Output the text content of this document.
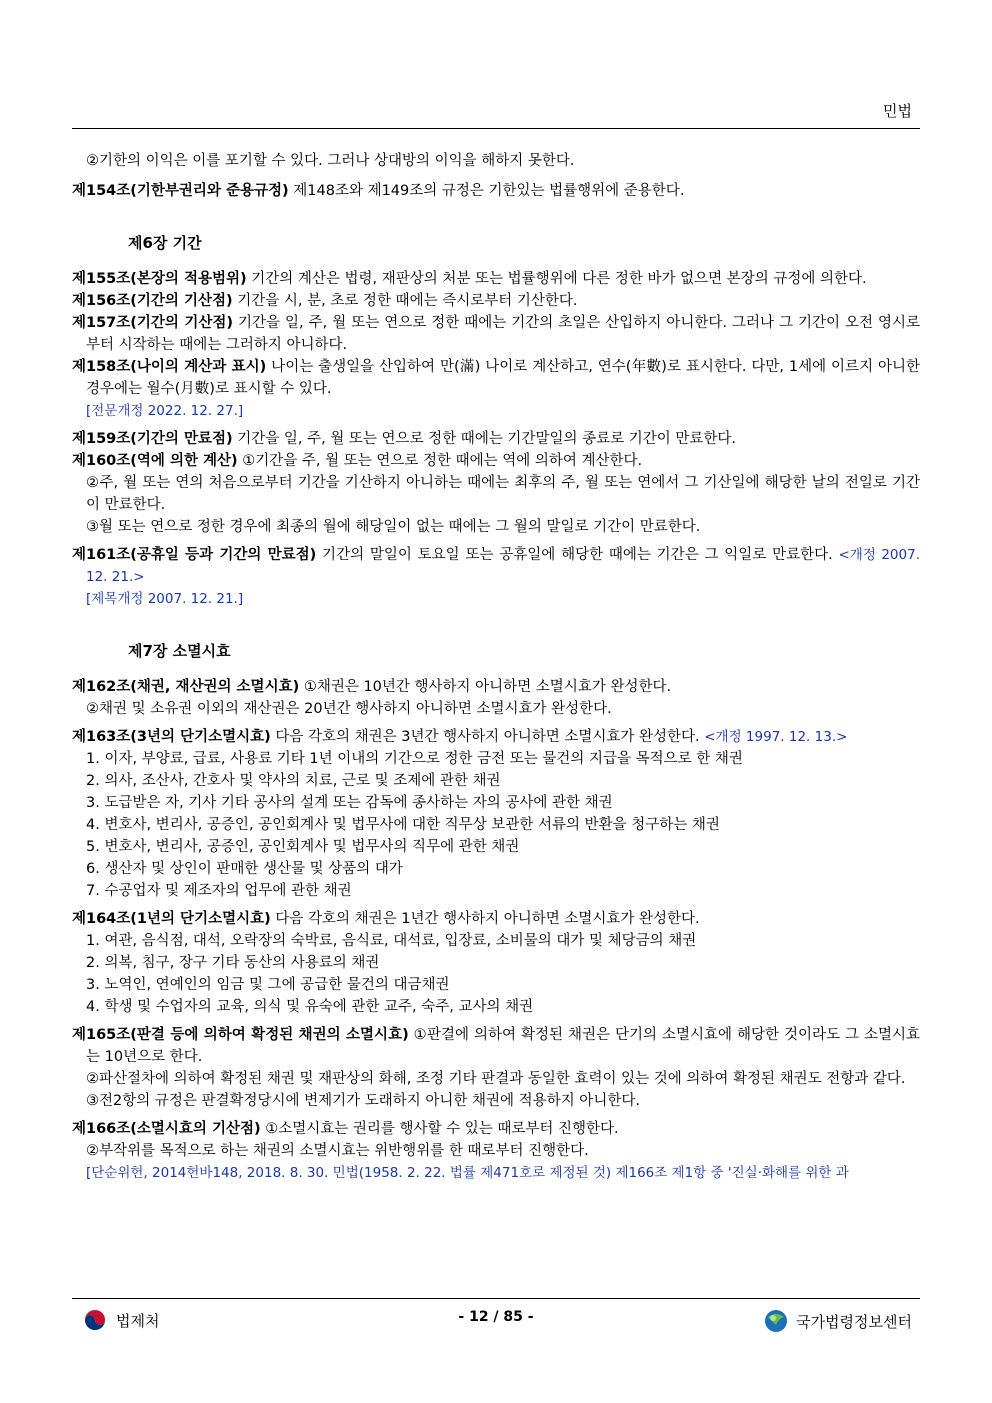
민법

②기한의 이익은 이를 포기할 수 있다. 그러나 상대방의 이익을 해하지 못한다.

제154조(기한부권리와 준용규정) 제148조와 제149조의 규정은 기한있는 법률행위에 준용한다.

제6장 기간

제155조(본장의 적용범위) 기간의 계산은 법령, 재판상의 처분 또는 법률행위에 다른 정한 바가 없으면 본장의 규정에 의한다.

제156조(기간의 기산점) 기간을 시, 분, 초로 정한 때에는 즉시로부터 기산한다.

제157조(기간의 기산점) 기간을 일, 주, 월 또는 연으로 정한 때에는 기간의 초일은 산입하지 아니한다. 그러나 그 기간이 오전 영시로부터 시작하는 때에는 그러하지 아니하다.

제158조(나이의 계산과 표시) 나이는 출생일을 산입하여 만(滿) 나이로 계산하고, 연수(年數)로 표시한다. 다만, 1세에 이르지 아니한 경우에는 월수(月數)로 표시할 수 있다.

[전문개정 2022. 12. 27.]

제159조(기간의 만료점) 기간을 일, 주, 월 또는 연으로 정한 때에는 기간말일의 종료로 기간이 만료한다.

제160조(역에 의한 계산) ①기간을 주, 월 또는 연으로 정한 때에는 역에 의하여 계산한다.

②주, 월 또는 연의 처음으로부터 기간을 기산하지 아니하는 때에는 최후의 주, 월 또는 연에서 그 기산일에 해당한 날의 전일로 기간이 만료한다.

③월 또는 연으로 정한 경우에 최종의 월에 해당일이 없는 때에는 그 월의 말일로 기간이 만료한다.

제161조(공휴일 등과 기간의 만료점) 기간의 말일이 토요일 또는 공휴일에 해당한 때에는 기간은 그 익일로 만료한다. <개정 2007. 12. 21.>

[제목개정 2007. 12. 21.]

제7장 소멸시효

제162조(채권, 재산권의 소멸시효) ①채권은 10년간 행사하지 아니하면 소멸시효가 완성한다.

②채권 및 소유권 이외의 재산권은 20년간 행사하지 아니하면 소멸시효가 완성한다.

제163조(3년의 단기소멸시효) 다음 각호의 채권은 3년간 행사하지 아니하면 소멸시효가 완성한다. <개정 1997. 12. 13.>

1. 이자, 부양료, 급료, 사용료 기타 1년 이내의 기간으로 정한 금전 또는 물건의 지급을 목적으로 한 채권

2. 의사, 조산사, 간호사 및 약사의 치료, 근로 및 조제에 관한 채권

3. 도급받은 자, 기사 기타 공사의 설계 또는 감독에 종사하는 자의 공사에 관한 채권

4. 변호사, 변리사, 공증인, 공인회계사 및 법무사에 대한 직무상 보관한 서류의 반환을 청구하는 채권

5. 변호사, 변리사, 공증인, 공인회계사 및 법무사의 직무에 관한 채권

6. 생산자 및 상인이 판매한 생산물 및 상품의 대가

7. 수공업자 및 제조자의 업무에 관한 채권

제164조(1년의 단기소멸시효) 다음 각호의 채권은 1년간 행사하지 아니하면 소멸시효가 완성한다.

1. 여관, 음식점, 대석, 오락장의 숙박료, 음식료, 대석료, 입장료, 소비물의 대가 및 체당금의 채권

2. 의복, 침구, 장구 기타 동산의 사용료의 채권

3. 노역인, 연예인의 임금 및 그에 공급한 물건의 대금채권

4. 학생 및 수업자의 교육, 의식 및 유숙에 관한 교주, 숙주, 교사의 채권

제165조(판결 등에 의하여 확정된 채권의 소멸시효) ①판결에 의하여 확정된 채권은 단기의 소멸시효에 해당한 것이라도 그 소멸시효는 10년으로 한다.

②파산절차에 의하여 확정된 채권 및 재판상의 화해, 조정 기타 판결과 동일한 효력이 있는 것에 의하여 확정된 채권도 전항과 같다.

③전2항의 규정은 판결확정당시에 변제기가 도래하지 아니한 채권에 적용하지 아니한다.

제166조(소멸시효의 기산점) ①소멸시효는 권리를 행사할 수 있는 때로부터 진행한다.

②부작위를 목적으로 하는 채권의 소멸시효는 위반행위를 한 때로부터 진행한다.

[단순위헌, 2014헌바148, 2018. 8. 30. 민법(1958. 2. 22. 법률 제471호로 제정된 것) 제166조 제1항 중 '진실·화해를 위한 과

법제처	- 12 / 85 -	국가법령정보센터
